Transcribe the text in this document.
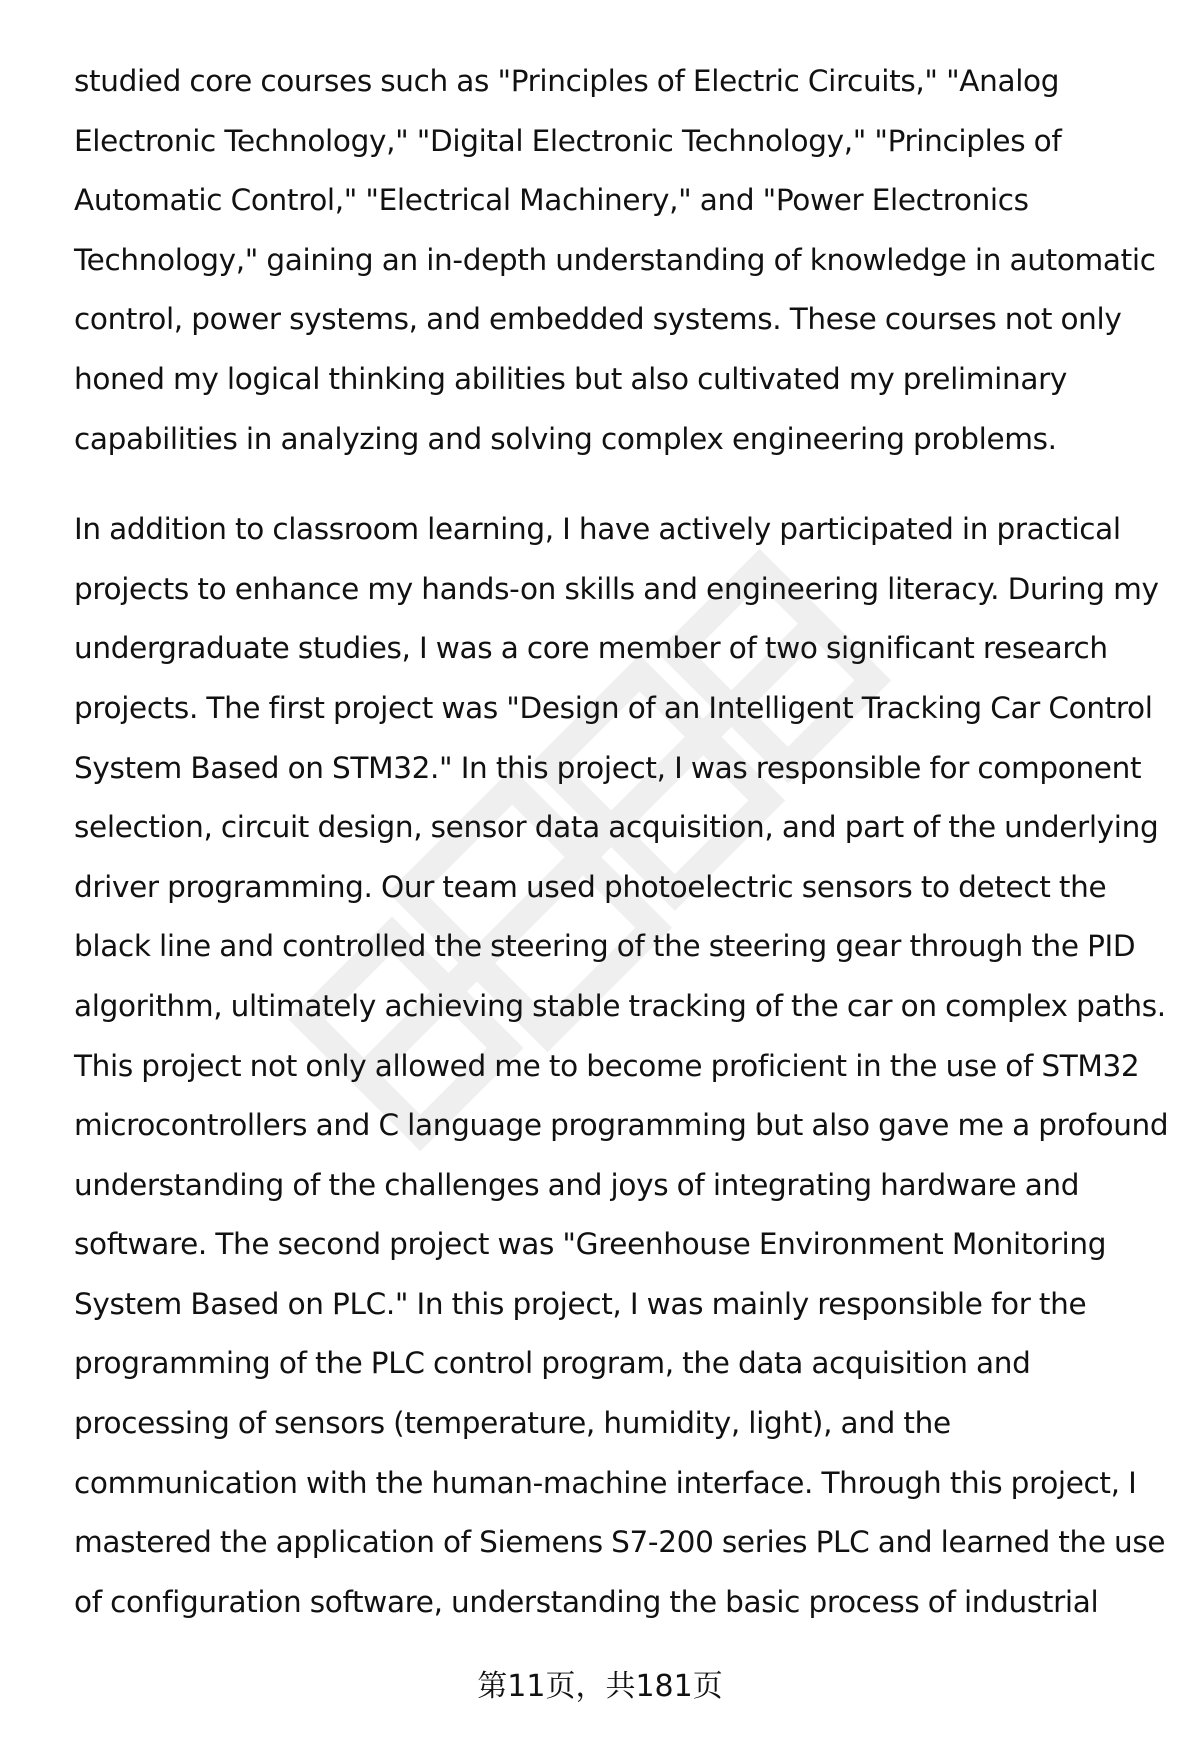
studied core courses such as "Principles of Electric Circuits," "Analog Electronic Technology," "Digital Electronic Technology," "Principles of Automatic Control," "Electrical Machinery," and "Power Electronics Technology," gaining an in-depth understanding of knowledge in automatic control, power systems, and embedded systems. These courses not only honed my logical thinking abilities but also cultivated my preliminary capabilities in analyzing and solving complex engineering problems.

In addition to classroom learning, I have actively participated in practical projects to enhance my hands-on skills and engineering literacy. During my undergraduate studies, I was a core member of two significant research projects. The first project was "Design of an Intelligent Tracking Car Control System Based on STM32." In this project, I was responsible for component selection, circuit design, sensor data acquisition, and part of the underlying driver programming. Our team used photoelectric sensors to detect the black line and controlled the steering of the steering gear through the PID algorithm, ultimately achieving stable tracking of the car on complex paths. This project not only allowed me to become proficient in the use of STM32 microcontrollers and C language programming but also gave me a profound understanding of the challenges and joys of integrating hardware and software. The second project was "Greenhouse Environment Monitoring System Based on PLC." In this project, I was mainly responsible for the programming of the PLC control program, the data acquisition and processing of sensors (temperature, humidity, light), and the communication with the human-machine interface. Through this project, I mastered the application of Siemens S7-200 series PLC and learned the use of configuration software, understanding the basic process of industrial

第11页，共181页
